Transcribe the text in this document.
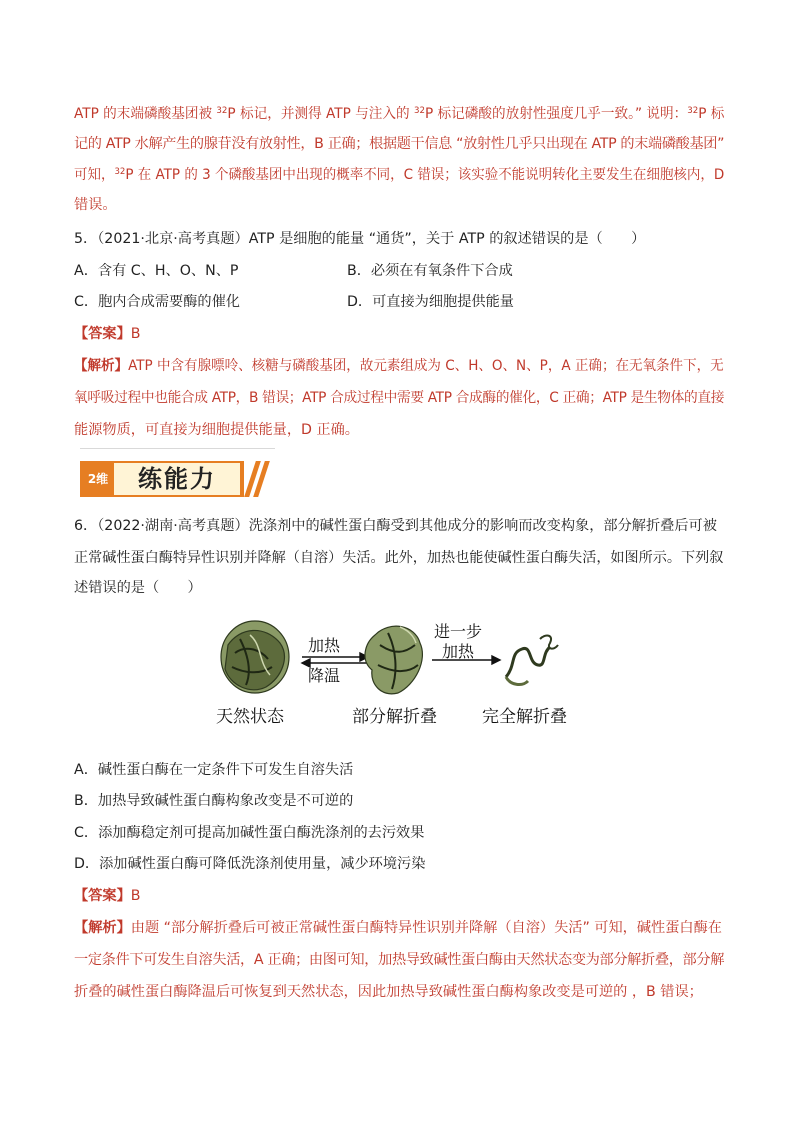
ATP 的末端磷酸基团被 $^{32}$P 标记，并测得 ATP 与注入的 $^{32}$P 标记磷酸的放射性强度几乎一致。” 说明：$^{32}$P 标
记的 ATP 水解产生的腺苷没有放射性，B 正确；根据题干信息 “放射性几乎只出现在 ATP 的末端磷酸基团”
可知，$^{32}$P 在 ATP 的 3 个磷酸基团中出现的概率不同，C 错误；该实验不能说明转化主要发生在细胞核内，D
错误。
5．（2021·北京·高考真题）ATP 是细胞的能量 “通货”，关于 ATP 的叙述错误的是（　　）
A．含有 C、H、O、N、P	B．必须在有氧条件下合成
C．胞内合成需要酶的催化	D．可直接为细胞提供能量
【答案】B
【解析】ATP 中含有腺嘌呤、核糖与磷酸基团，故元素组成为 C、H、O、N、P，A 正确；在无氧条件下，无
氧呼吸过程中也能合成 ATP，B 错误；ATP 合成过程中需要 ATP 合成酶的催化，C 正确；ATP 是生物体的直接
能源物质，可直接为细胞提供能量，D 正确。
2维	练能力
6．（2022·湖南·高考真题）洗涤剂中的碱性蛋白酶受到其他成分的影响而改变构象，部分解折叠后可被
正常碱性蛋白酶特异性识别并降解（自溶）失活。此外，加热也能使碱性蛋白酶失活，如图所示。下列叙
述错误的是（　　）
加热
降温
进一步
加热
天然状态	部分解折叠	完全解折叠
A．碱性蛋白酶在一定条件下可发生自溶失活
B．加热导致碱性蛋白酶构象改变是不可逆的
C．添加酶稳定剂可提高加碱性蛋白酶洗涤剂的去污效果
D．添加碱性蛋白酶可降低洗涤剂使用量，减少环境污染
【答案】B
【解析】由题 “部分解折叠后可被正常碱性蛋白酶特异性识别并降解（自溶）失活” 可知，碱性蛋白酶在
一定条件下可发生自溶失活，A 正确；由图可知，加热导致碱性蛋白酶由天然状态变为部分解折叠，部分解
折叠的碱性蛋白酶降温后可恢复到天然状态，因此加热导致碱性蛋白酶构象改变是可逆的 ，B 错误；
